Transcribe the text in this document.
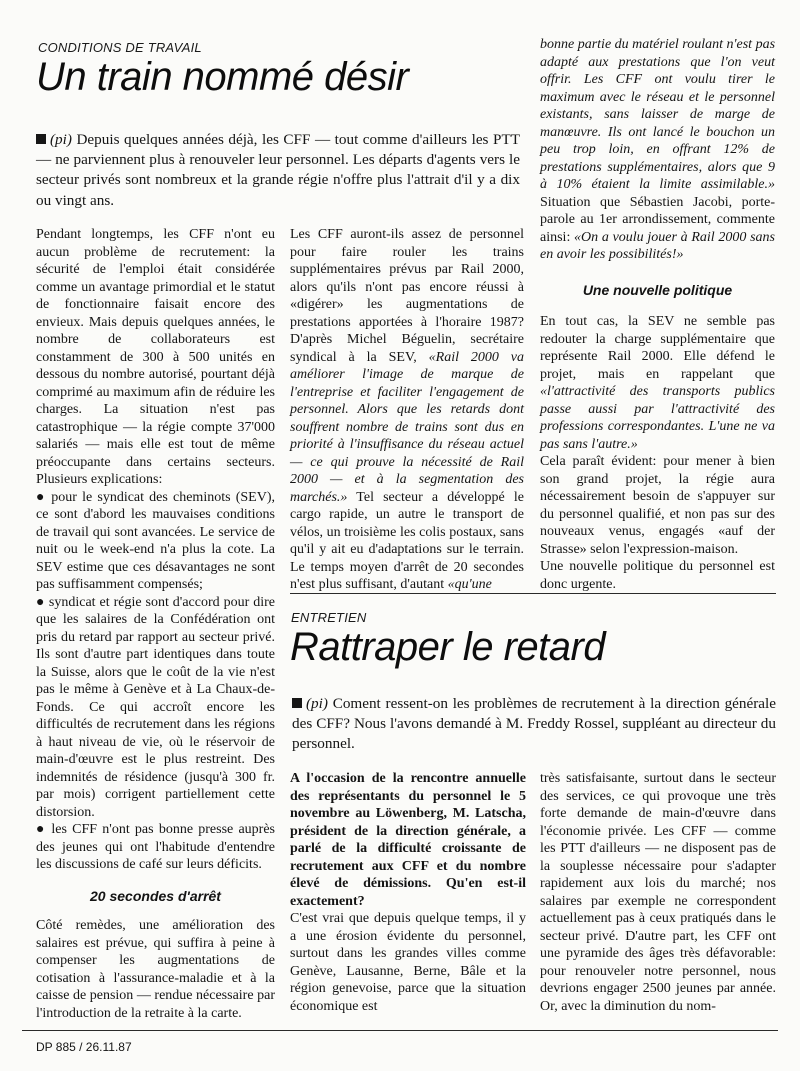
CONDITIONS DE TRAVAIL
Un train nommé désir
(pi) Depuis quelques années déjà, les CFF — tout comme d'ailleurs les PTT — ne parviennent plus à renouveler leur personnel. Les départs d'agents vers le secteur privés sont nombreux et la grande régie n'offre plus l'attrait d'il y a dix ou vingt ans.

Pendant longtemps, les CFF n'ont eu aucun problème de recrutement: la sécurité de l'emploi était considérée comme un avantage primordial et le statut de fonctionnaire faisait encore des envieux. Mais depuis quelques années, le nombre de collaborateurs est constamment de 300 à 500 unités en dessous du nombre autorisé, pourtant déjà comprimé au maximum afin de réduire les charges. La situation n'est pas catastrophique — la régie compte 37'000 salariés — mais elle est tout de même préoccupante dans certains secteurs. Plusieurs explications:

● pour le syndicat des cheminots (SEV), ce sont d'abord les mauvaises conditions de travail qui sont avancées. Le service de nuit ou le week-end n'a plus la cote. La SEV estime que ces désavantages ne sont pas suffisamment compensés;

● syndicat et régie sont d'accord pour dire que les salaires de la Confédération ont pris du retard par rapport au secteur privé. Ils sont d'autre part identiques dans toute la Suisse, alors que le coût de la vie n'est pas le même à Genève et à La Chaux-de-Fonds. Ce qui accroît encore les difficultés de recrutement dans les régions à haut niveau de vie, où le réservoir de main-d'œuvre est le plus restreint. Des indemnités de résidence (jusqu'à 300 fr. par mois) corrigent partiellement cette distorsion.

● les CFF n'ont pas bonne presse auprès des jeunes qui ont l'habitude d'entendre les discussions de café sur leurs déficits.

20 secondes d'arrêt

Côté remèdes, une amélioration des salaires est prévue, qui suffira à peine à compenser les augmentations de cotisation à l'assurance-maladie et à la caisse de pension — rendue nécessaire par l'introduction de la retraite à la carte.

Les CFF auront-ils assez de personnel pour faire rouler les trains supplémentaires prévus par Rail 2000, alors qu'ils n'ont pas encore réussi à «digérer» les augmentations de prestations apportées à l'horaire 1987? D'après Michel Béguelin, secrétaire syndical à la SEV, «Rail 2000 va améliorer l'image de marque de l'entreprise et faciliter l'engagement de personnel. Alors que les retards dont souffrent nombre de trains sont dus en priorité à l'insuffisance du réseau actuel — ce qui prouve la nécessité de Rail 2000 — et à la segmentation des marchés.» Tel secteur a développé le cargo rapide, un autre le transport de vélos, un troisième les colis postaux, sans qu'il y ait eu d'adaptations sur le terrain. Le temps moyen d'arrêt de 20 secondes n'est plus suffisant, d'autant «qu'une

bonne partie du matériel roulant n'est pas adapté aux prestations que l'on veut offrir. Les CFF ont voulu tirer le maximum avec le réseau et le personnel existants, sans laisser de marge de manœuvre. Ils ont lancé le bouchon un peu trop loin, en offrant 12% de prestations supplémentaires, alors que 9 à 10% étaient la limite assimilable.» Situation que Sébastien Jacobi, porte-parole au 1er arrondissement, commente ainsi: «On a voulu jouer à Rail 2000 sans en avoir les possibilités!»

Une nouvelle politique

En tout cas, la SEV ne semble pas redouter la charge supplémentaire que représente Rail 2000. Elle défend le projet, mais en rappelant que «l'attractivité des transports publics passe aussi par l'attractivité des professions correspondantes. L'une ne va pas sans l'autre.»

Cela paraît évident: pour mener à bien son grand projet, la régie aura nécessairement besoin de s'appuyer sur du personnel qualifié, et non pas sur des nouveaux venus, engagés «auf der Strasse» selon l'expression-maison.

Une nouvelle politique du personnel est donc urgente.

ENTRETIEN
Rattraper le retard
(pi) Coment ressent-on les problèmes de recrutement à la direction générale des CFF? Nous l'avons demandé à M. Freddy Rossel, suppléant au directeur du personnel.

A l'occasion de la rencontre annuelle des représentants du personnel le 5 novembre au Löwenberg, M. Latscha, président de la direction générale, a parlé de la difficulté croissante de recrutement aux CFF et du nombre élevé de démissions. Qu'en est-il exactement?

C'est vrai que depuis quelque temps, il y a une érosion évidente du personnel, surtout dans les grandes villes comme Genève, Lausanne, Berne, Bâle et la région genevoise, parce que la situation économique est

très satisfaisante, surtout dans le secteur des services, ce qui provoque une très forte demande de main-d'œuvre dans l'économie privée. Les CFF — comme les PTT d'ailleurs — ne disposent pas de la souplesse nécessaire pour s'adapter rapidement aux lois du marché; nos salaires par exemple ne correspondent actuellement pas à ceux pratiqués dans le secteur privé. D'autre part, les CFF ont une pyramide des âges très défavorable: pour renouveler notre personnel, nous devrions engager 2500 jeunes par année. Or, avec la diminution du nom-

DP 885 / 26.11.87
